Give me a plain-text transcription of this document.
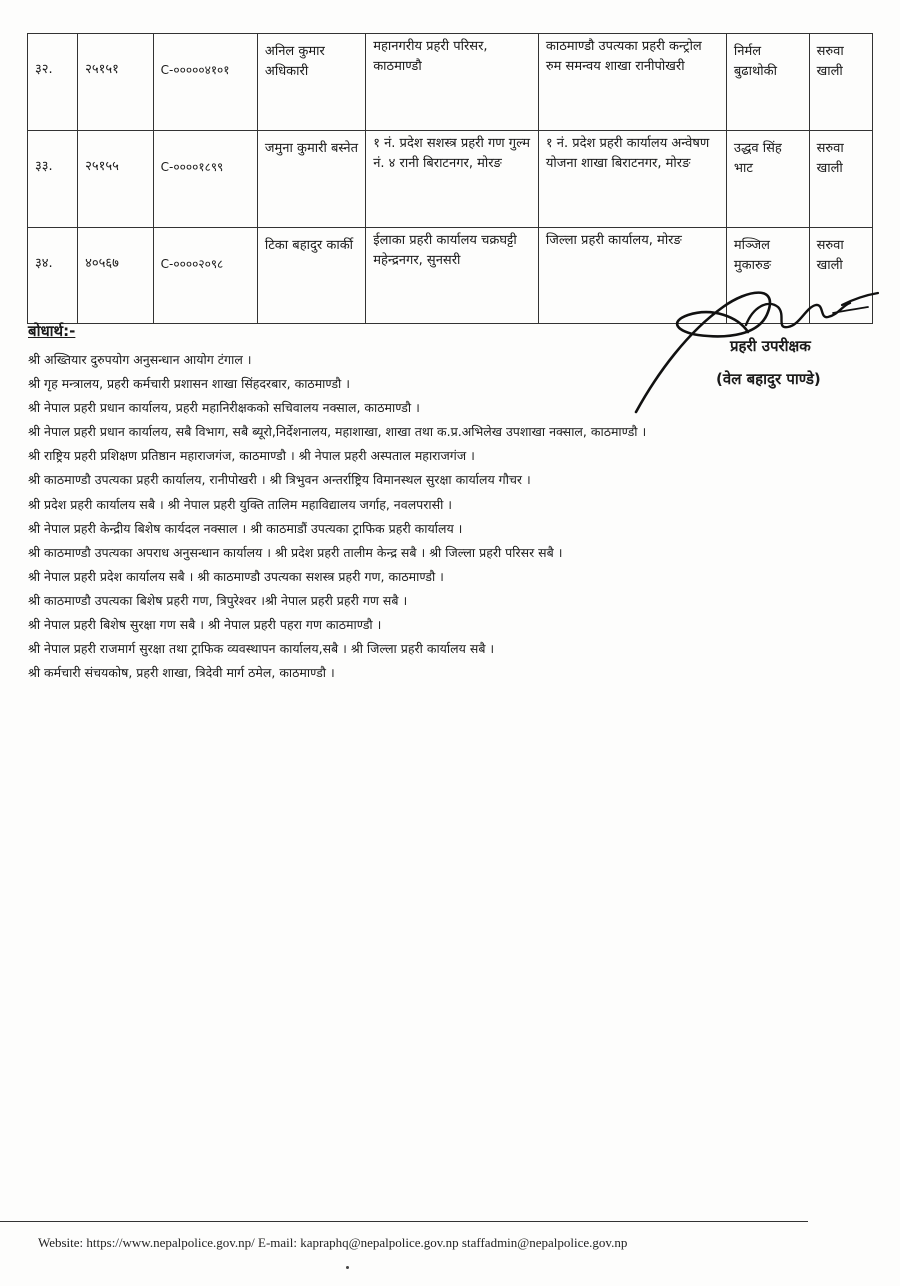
३२.	२५१५१	C-०००००४१०१	अनिल कुमार अधिकारी	महानगरीय प्रहरी परिसर, काठमाण्डौ	काठमाण्डौ उपत्यका प्रहरी कन्ट्रोल रुम समन्वय शाखा रानीपोखरी	निर्मल बुढाथोकी	सरुवा खाली
३३.	२५१५५	C-००००१८९९	जमुना कुमारी बस्नेत	१ नं. प्रदेश सशस्त्र प्रहरी गण गुल्म नं. ४ रानी बिराटनगर, मोरङ	१ नं. प्रदेश प्रहरी कार्यालय अन्वेषण योजना शाखा बिराटनगर, मोरङ	उद्धव सिंह भाट	सरुवा खाली
३४.	४०५६७	C-००००२०९८	टिका बहादुर कार्की	ईलाका प्रहरी कार्यालय चक्रघट्टी महेन्द्रनगर, सुनसरी	जिल्ला प्रहरी कार्यालय, मोरङ	मञ्जिल मुकारुङ	सरुवा खाली
प्रहरी उपरीक्षक
(वेल बहादुर पाण्डे)
बोधार्थ:-
श्री अख्तियार दुरुपयोग अनुसन्धान आयोग टंगाल ।
श्री गृह मन्त्रालय, प्रहरी कर्मचारी प्रशासन शाखा सिंहदरबार, काठमाण्डौ ।
श्री नेपाल प्रहरी प्रधान कार्यालय, प्रहरी महानिरीक्षकको सचिवालय नक्साल, काठमाण्डौ ।
श्री नेपाल प्रहरी प्रधान कार्यालय, सबै विभाग, सबै ब्यूरो,निर्देशनालय, महाशाखा, शाखा तथा क.प्र.अभिलेख उपशाखा नक्साल, काठमाण्डौ ।
श्री राष्ट्रिय प्रहरी प्रशिक्षण प्रतिष्ठान महाराजगंज, काठमाण्डौ । श्री नेपाल प्रहरी अस्पताल महाराजगंज ।
श्री काठमाण्डौ उपत्यका प्रहरी कार्यालय, रानीपोखरी । श्री त्रिभुवन अन्तर्राष्ट्रिय विमानस्थल सुरक्षा कार्यालय गौचर ।
श्री प्रदेश प्रहरी कार्यालय सबै । श्री नेपाल प्रहरी युक्ति तालिम महाविद्यालय जर्गाह, नवलपरासी ।
श्री नेपाल प्रहरी केन्द्रीय बिशेष कार्यदल नक्साल । श्री काठमाडौं उपत्यका ट्राफिक प्रहरी कार्यालय ।
श्री काठमाण्डौ उपत्यका अपराध अनुसन्धान कार्यालय । श्री प्रदेश प्रहरी तालीम केन्द्र सबै । श्री जिल्ला प्रहरी परिसर सबै ।
श्री नेपाल प्रहरी प्रदेश कार्यालय सबै । श्री काठमाण्डौ उपत्यका सशस्त्र प्रहरी गण, काठमाण्डौ ।
श्री काठमाण्डौ उपत्यका बिशेष प्रहरी गण, त्रिपुरेश्वर ।श्री नेपाल प्रहरी प्रहरी गण सबै ।
श्री नेपाल प्रहरी बिशेष सुरक्षा गण सबै । श्री नेपाल प्रहरी पहरा गण काठमाण्डौ ।
श्री नेपाल प्रहरी राजमार्ग सुरक्षा तथा ट्राफिक व्यवस्थापन कार्यालय,सबै । श्री जिल्ला प्रहरी कार्यालय सबै ।
श्री कर्मचारी संचयकोष, प्रहरी शाखा, त्रिदेवी मार्ग ठमेल, काठमाण्डौ ।
Website: https://www.nepalpolice.gov.np/ E-mail: kapraphq@nepalpolice.gov.np staffadmin@nepalpolice.gov.np
